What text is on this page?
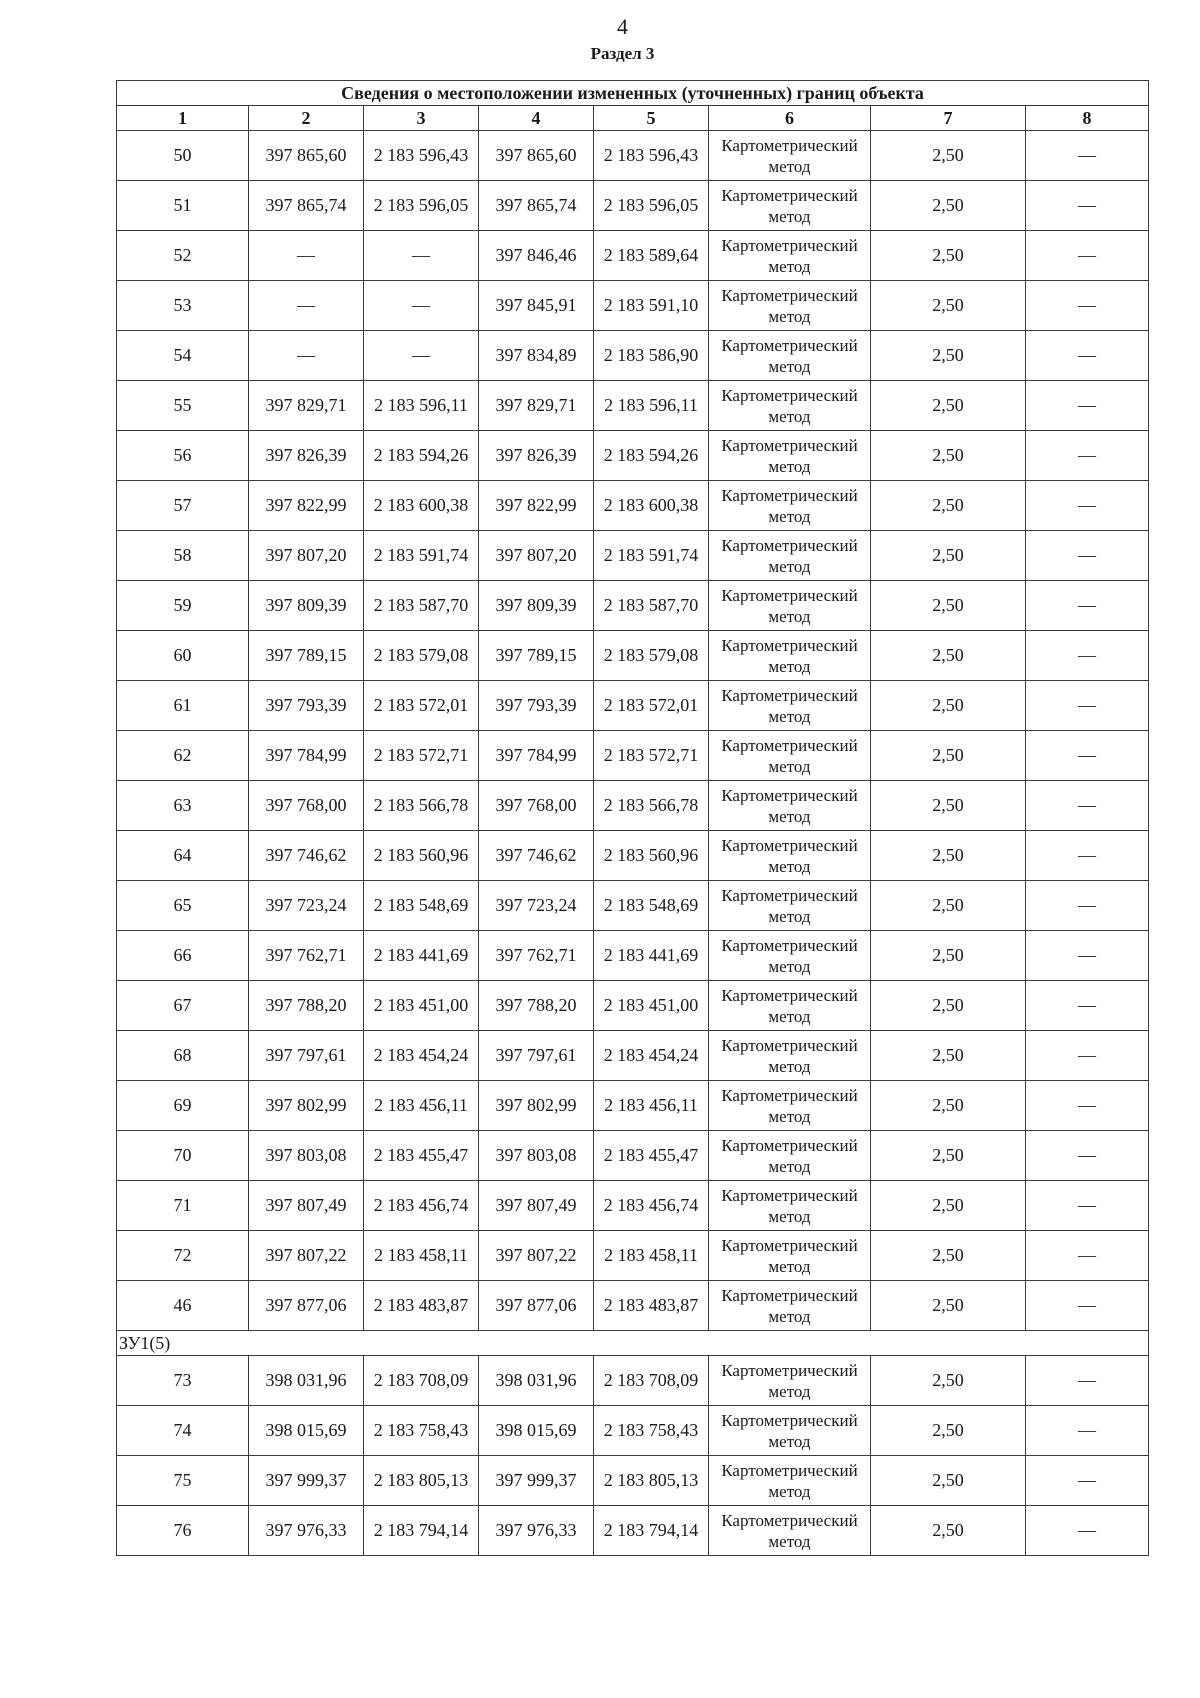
4
Раздел 3
Сведения о местоположении измененных (уточненных) границ объекта							
1	2	3	4	5	6	7	8
50	397 865,60	2 183 596,43	397 865,60	2 183 596,43	Картометрический метод	2,50	—
51	397 865,74	2 183 596,05	397 865,74	2 183 596,05	Картометрический метод	2,50	—
52	—	—	397 846,46	2 183 589,64	Картометрический метод	2,50	—
53	—	—	397 845,91	2 183 591,10	Картометрический метод	2,50	—
54	—	—	397 834,89	2 183 586,90	Картометрический метод	2,50	—
55	397 829,71	2 183 596,11	397 829,71	2 183 596,11	Картометрический метод	2,50	—
56	397 826,39	2 183 594,26	397 826,39	2 183 594,26	Картометрический метод	2,50	—
57	397 822,99	2 183 600,38	397 822,99	2 183 600,38	Картометрический метод	2,50	—
58	397 807,20	2 183 591,74	397 807,20	2 183 591,74	Картометрический метод	2,50	—
59	397 809,39	2 183 587,70	397 809,39	2 183 587,70	Картометрический метод	2,50	—
60	397 789,15	2 183 579,08	397 789,15	2 183 579,08	Картометрический метод	2,50	—
61	397 793,39	2 183 572,01	397 793,39	2 183 572,01	Картометрический метод	2,50	—
62	397 784,99	2 183 572,71	397 784,99	2 183 572,71	Картометрический метод	2,50	—
63	397 768,00	2 183 566,78	397 768,00	2 183 566,78	Картометрический метод	2,50	—
64	397 746,62	2 183 560,96	397 746,62	2 183 560,96	Картометрический метод	2,50	—
65	397 723,24	2 183 548,69	397 723,24	2 183 548,69	Картометрический метод	2,50	—
66	397 762,71	2 183 441,69	397 762,71	2 183 441,69	Картометрический метод	2,50	—
67	397 788,20	2 183 451,00	397 788,20	2 183 451,00	Картометрический метод	2,50	—
68	397 797,61	2 183 454,24	397 797,61	2 183 454,24	Картометрический метод	2,50	—
69	397 802,99	2 183 456,11	397 802,99	2 183 456,11	Картометрический метод	2,50	—
70	397 803,08	2 183 455,47	397 803,08	2 183 455,47	Картометрический метод	2,50	—
71	397 807,49	2 183 456,74	397 807,49	2 183 456,74	Картометрический метод	2,50	—
72	397 807,22	2 183 458,11	397 807,22	2 183 458,11	Картометрический метод	2,50	—
46	397 877,06	2 183 483,87	397 877,06	2 183 483,87	Картометрический метод	2,50	—
ЗУ1(5)							
73	398 031,96	2 183 708,09	398 031,96	2 183 708,09	Картометрический метод	2,50	—
74	398 015,69	2 183 758,43	398 015,69	2 183 758,43	Картометрический метод	2,50	—
75	397 999,37	2 183 805,13	397 999,37	2 183 805,13	Картометрический метод	2,50	—
76	397 976,33	2 183 794,14	397 976,33	2 183 794,14	Картометрический метод	2,50	—
